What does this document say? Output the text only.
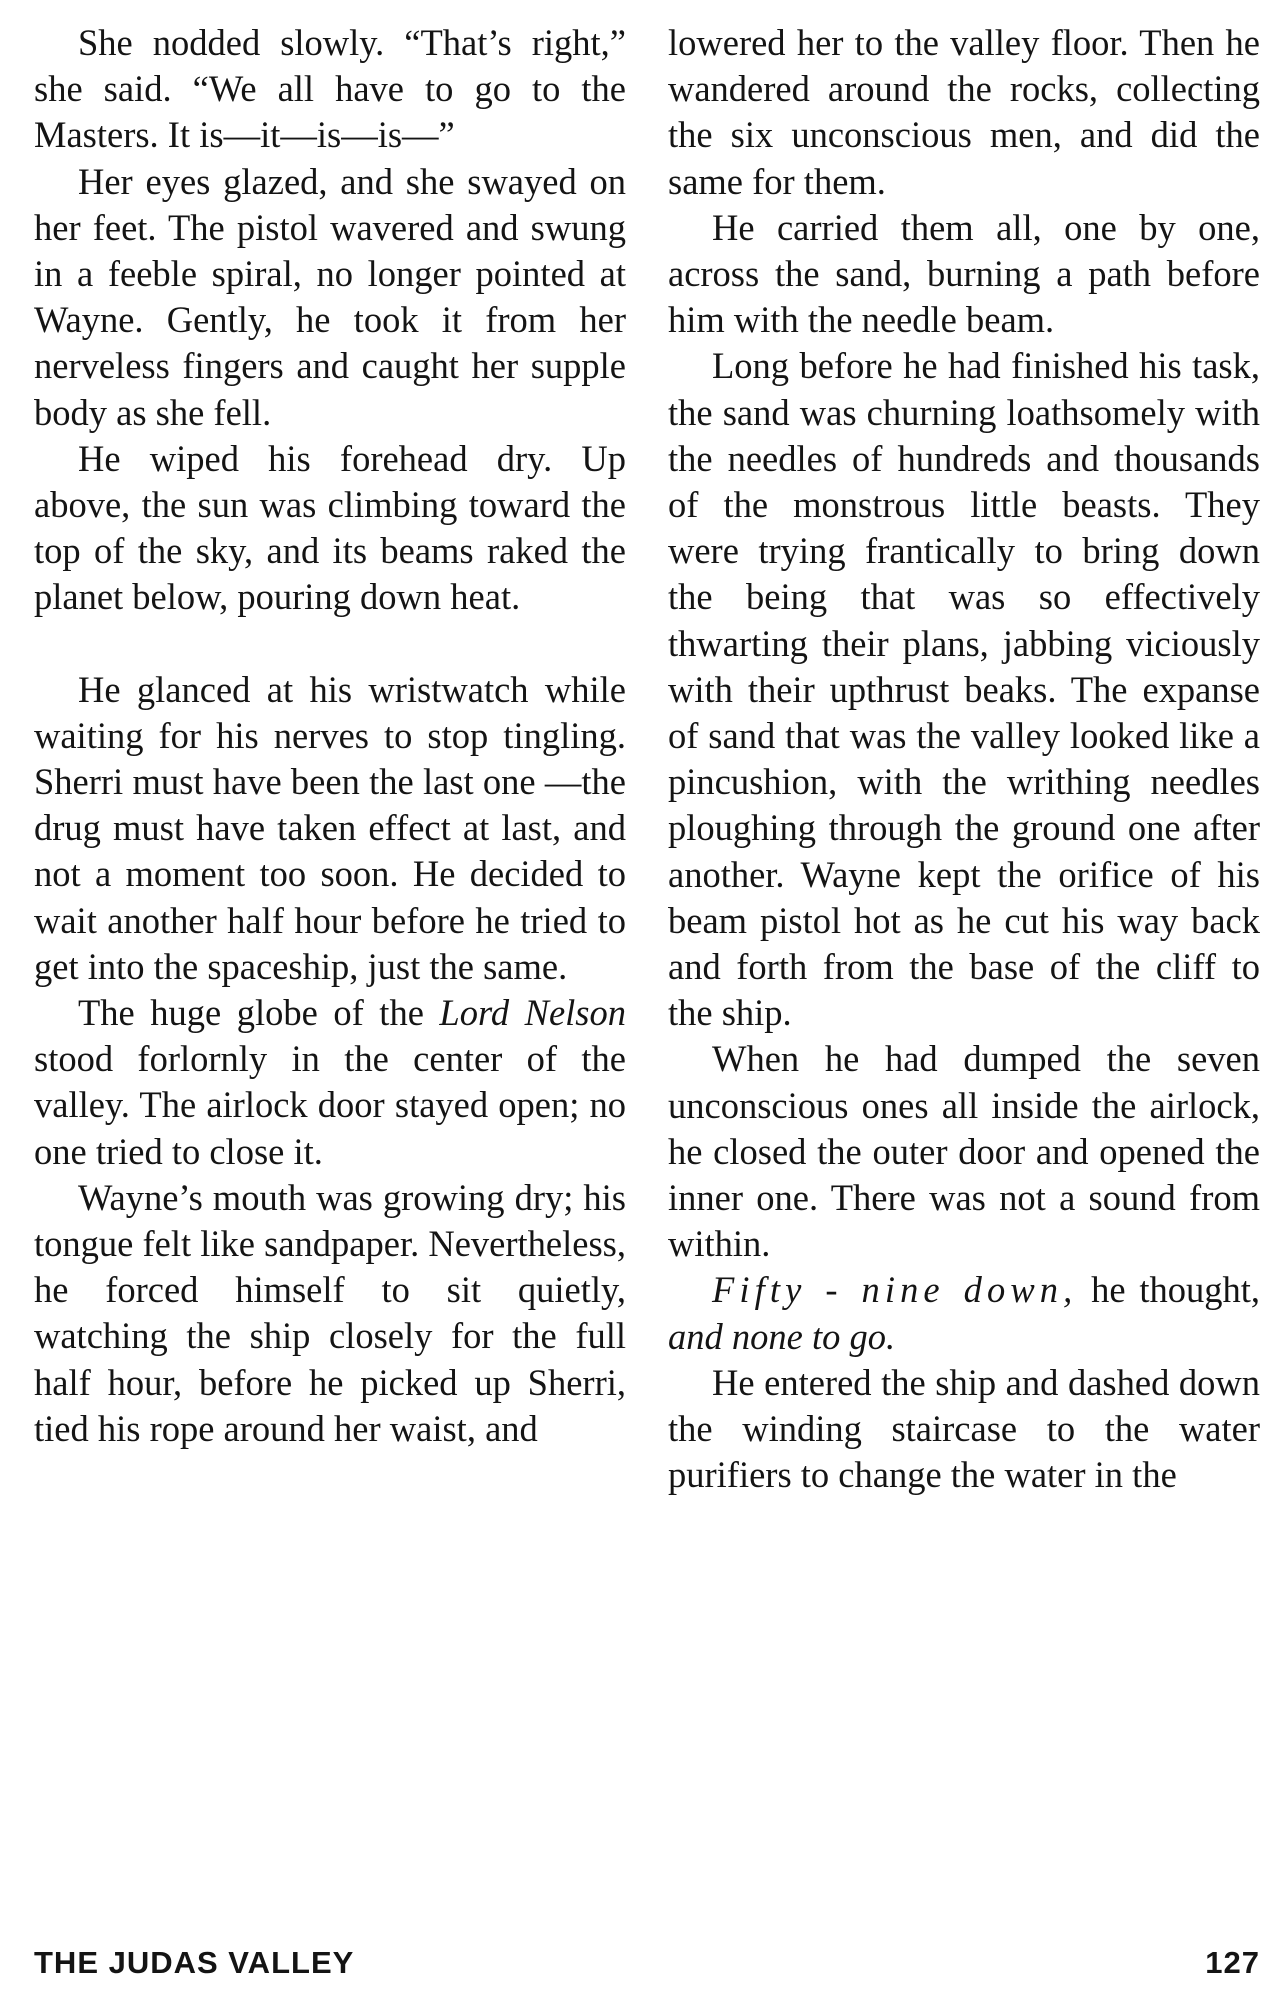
She nodded slowly. “That’s right,” she said. “We all have to go to the Masters. It is—it—is—is—”

Her eyes glazed, and she swayed on her feet. The pistol wavered and swung in a feeble spiral, no longer pointed at Wayne. Gently, he took it from her nerveless fingers and caught her supple body as she fell.

He wiped his forehead dry. Up above, the sun was climbing toward the top of the sky, and its beams raked the planet below, pouring down heat.

He glanced at his wristwatch while waiting for his nerves to stop tingling. Sherri must have been the last one —the drug must have taken effect at last, and not a moment too soon. He decided to wait another half hour before he tried to get into the spaceship, just the same.

The huge globe of the Lord Nelson stood forlornly in the center of the valley. The airlock door stayed open; no one tried to close it.

Wayne’s mouth was growing dry; his tongue felt like sandpaper. Nevertheless, he forced himself to sit quietly, watching the ship closely for the full half hour, before he picked up Sherri, tied his rope around her waist, and

lowered her to the valley floor. Then he wandered around the rocks, collecting the six unconscious men, and did the same for them.

He carried them all, one by one, across the sand, burning a path before him with the needle beam.

Long before he had finished his task, the sand was churning loathsomely with the needles of hundreds and thousands of the monstrous little beasts. They were trying frantically to bring down the being that was so effectively thwarting their plans, jabbing viciously with their upthrust beaks. The expanse of sand that was the valley looked like a pincushion, with the writhing needles ploughing through the ground one after another. Wayne kept the orifice of his beam pistol hot as he cut his way back and forth from the base of the cliff to the ship.

When he had dumped the seven unconscious ones all inside the airlock, he closed the outer door and opened the inner one. There was not a sound from within.

Fifty - nine down, he thought, and none to go.

He entered the ship and dashed down the winding staircase to the water purifiers to change the water in the

THE JUDAS VALLEY	127
